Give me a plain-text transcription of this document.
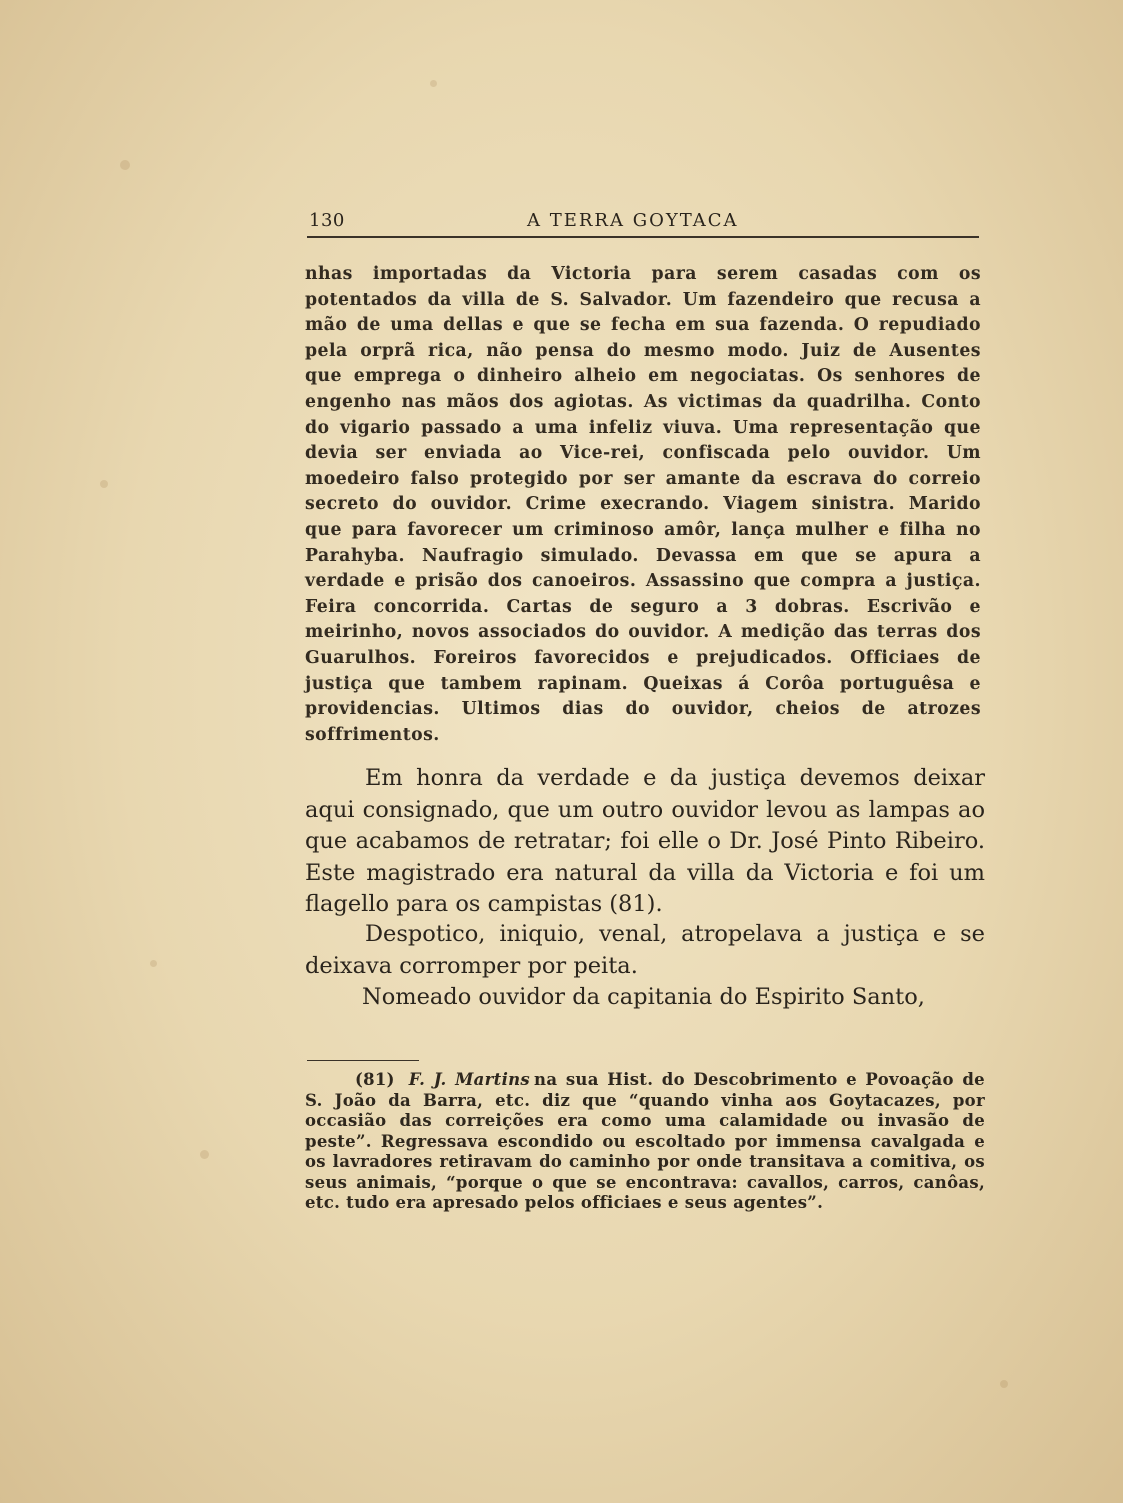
130	A TERRA GOYTACA
nhas importadas da Victoria para serem casadas com os potentados da villa de S. Salvador. Um fazendeiro que recusa a mão de uma dellas e que se fecha em sua fazenda. O repudiado pela orprã rica, não pensa do mesmo modo. Juiz de Ausentes que emprega o dinheiro alheio em negociatas. Os senhores de engenho nas mãos dos agiotas. As victimas da quadrilha. Conto do vigario passado a uma infeliz viuva. Uma representação que devia ser enviada ao Vice-rei, confiscada pelo ouvidor. Um moedeiro falso protegido por ser amante da escrava do correio secreto do ouvidor. Crime execrando. Viagem sinistra. Marido que para favorecer um criminoso amôr, lança mulher e filha no Parahyba. Naufragio simulado. Devassa em que se apura a verdade e prisão dos canoeiros. Assassino que compra a justiça. Feira concorrida. Cartas de seguro a 3 dobras. Escrivão e meirinho, novos associados do ouvidor. A medição das terras dos Guarulhos. Foreiros favorecidos e prejudicados. Officiaes de justiça que tambem rapinam. Queixas á Corôa portuguêsa e providencias. Ultimos dias do ouvidor, cheios de atrozes soffrimentos.
Em honra da verdade e da justiça devemos deixar aqui consignado, que um outro ouvidor levou as lampas ao que acabamos de retratar; foi elle o Dr. José Pinto Ribeiro. Este magistrado era natural da villa da Victoria e foi um flagello para os campistas (81).
Despotico, iniquio, venal, atropelava a justiça e se deixava corromper por peita.
Nomeado ouvidor da capitania do Espirito Santo,
(81) F. J. Martins na sua Hist. do Descobrimento e Povoação de S. João da Barra, etc. diz que “quando vinha aos Goytacazes, por occasião das correições era como uma calamidade ou invasão de peste”. Regressava escondido ou escoltado por immensa cavalgada e os lavradores retiravam do caminho por onde transitava a comitiva, os seus animais, “porque o que se encontrava: cavallos, carros, canôas, etc. tudo era apresado pelos officiaes e seus agentes”.
